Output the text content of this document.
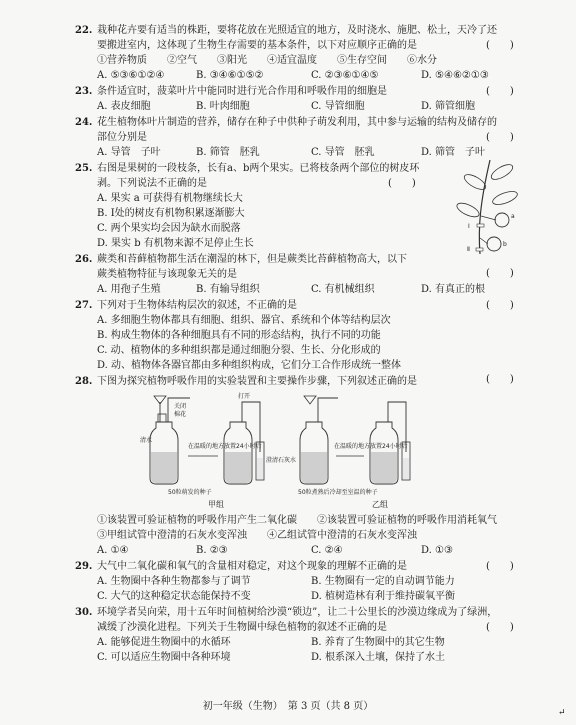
22. 栽种花卉要有适当的株距，要将花放在光照适宜的地方，及时浇水、施肥、松土，天冷了还
要搬进室内，这体现了生物生存需要的基本条件，以下对应顺序正确的是	(　　)
①营养物质　　②空气　　③阳光　　④适宜温度　　⑤生存空间　　⑥水分
A. ⑤③⑥①②④	B. ③④⑥①⑤②	C. ②③⑥①④⑤	D. ⑤④⑥②①③
23. 条件适宜时，菠菜叶片中能同时进行光合作用和呼吸作用的细胞是	(　　)
A. 表皮细胞	B. 叶肉细胞	C. 导管细胞	D. 筛管细胞
24. 花生植物体叶片制造的营养，储存在种子中供种子萌发利用，其中参与运输的结构及储存的
部位分别是	(　　)
A. 导管　子叶	B. 筛管　胚乳	C. 导管　胚乳	D. 筛管　子叶
25. 右图是果树的一段枝条，长有a、b两个果实。已将枝条两个部位的树皮环
剥。下列说法不正确的是	(　　)
A. 果实 a 可获得有机物继续长大
B. Ⅰ处的树皮有机物积累逐渐膨大
C. 两个果实均会因为缺水而脱落
D. 果实 b 有机物来源不足停止生长
a
b
Ⅰ
Ⅱ
26. 蕨类和苔藓植物都生活在潮湿的林下，但是蕨类比苔藓植物高大，以下
蕨类植物特征与该现象无关的是	(　　)
A. 用孢子生殖	B. 有输导组织	C. 有机械组织	D. 有真正的根
27. 下列对于生物体结构层次的叙述，不正确的是	(　　)
A. 多细胞生物体都具有细胞、组织、器官、系统和个体等结构层次
B. 构成生物体的各种细胞具有不同的形态结构，执行不同的功能
C. 动、植物体的多种组织都是通过细胞分裂、生长、分化形成的
D. 动、植物体各器官都由多种组织构成，它们分工合作形成统一整体
28. 下图为探究植物呼吸作用的实验装置和主要操作步骤，下列叙述正确的是	(　　)
清水
关闭
棉花
在温暖的地方放置24小时后
打开
澄清石灰水
50粒萌发的种子
在温暖的地方放置24小时后
50粒煮熟后冷却至室温的种子
甲组	乙组
①该装置可验证植物的呼吸作用产生二氧化碳　　②该装置可验证植物的呼吸作用消耗氧气
③甲组试管中澄清的石灰水变浑浊　　④乙组试管中澄清的石灰水变浑浊
A. ①④	B. ②③	C. ②④	D. ①③
29. 大气中二氧化碳和氧气的含量相对稳定，对这个现象的理解不正确的是	(　　)
A. 生物圈中各种生物都参与了调节	B. 生物圈有一定的自动调节能力
C. 大气的这种稳定状态能保持不变	D. 植树造林有利于维持碳氧平衡
30. 环境学者吴向荣，用十五年时间植树给沙漠“锁边”，让二十公里长的沙漠边缘成为了绿洲，
减缓了沙漠化进程。下列关于生物圈中绿色植物的叙述不正确的是	(　　)
A. 能够促进生物圈中的水循环	B. 养育了生物圈中的其它生物
C. 可以适应生物圈中各种环境	D. 根系深入土壤，保持了水土
初一年级（生物）　第 3 页（共 8 页）
↵
